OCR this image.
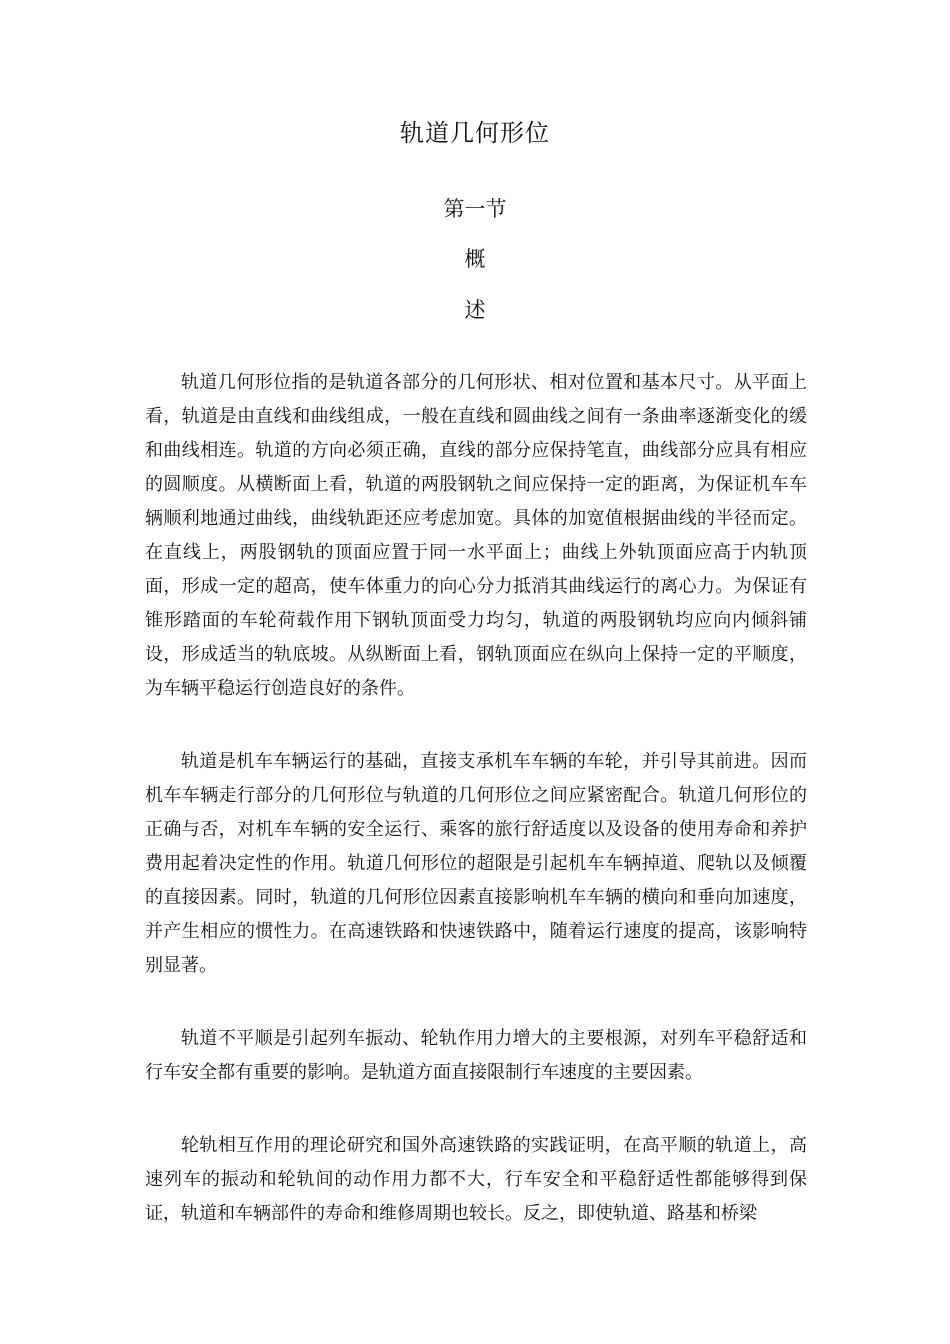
轨道几何形位
第一节
概
述

轨道几何形位指的是轨道各部分的几何形状、相对位置和基本尺寸。从平面上看，轨道是由直线和曲线组成，一般在直线和圆曲线之间有一条曲率逐渐变化的缓和曲线相连。轨道的方向必须正确，直线的部分应保持笔直，曲线部分应具有相应的圆顺度。从横断面上看，轨道的两股钢轨之间应保持一定的距离，为保证机车车辆顺利地通过曲线，曲线轨距还应考虑加宽。具体的加宽值根据曲线的半径而定。在直线上，两股钢轨的顶面应置于同一水平面上；曲线上外轨顶面应高于内轨顶面，形成一定的超高，使车体重力的向心分力抵消其曲线运行的离心力。为保证有锥形踏面的车轮荷载作用下钢轨顶面受力均匀，轨道的两股钢轨均应向内倾斜铺设，形成适当的轨底坡。从纵断面上看，钢轨顶面应在纵向上保持一定的平顺度，为车辆平稳运行创造良好的条件。

轨道是机车车辆运行的基础，直接支承机车车辆的车轮，并引导其前进。因而机车车辆走行部分的几何形位与轨道的几何形位之间应紧密配合。轨道几何形位的正确与否，对机车车辆的安全运行、乘客的旅行舒适度以及设备的使用寿命和养护费用起着决定性的作用。轨道几何形位的超限是引起机车车辆掉道、爬轨以及倾覆的直接因素。同时，轨道的几何形位因素直接影响机车车辆的横向和垂向加速度，并产生相应的惯性力。在高速铁路和快速铁路中，随着运行速度的提高，该影响特别显著。

轨道不平顺是引起列车振动、轮轨作用力增大的主要根源，对列车平稳舒适和行车安全都有重要的影响。是轨道方面直接限制行车速度的主要因素。

轮轨相互作用的理论研究和国外高速铁路的实践证明，在高平顺的轨道上，高速列车的振动和轮轨间的动作用力都不大，行车安全和平稳舒适性都能够得到保证，轨道和车辆部件的寿命和维修周期也较长。反之，即使轨道、路基和桥梁
